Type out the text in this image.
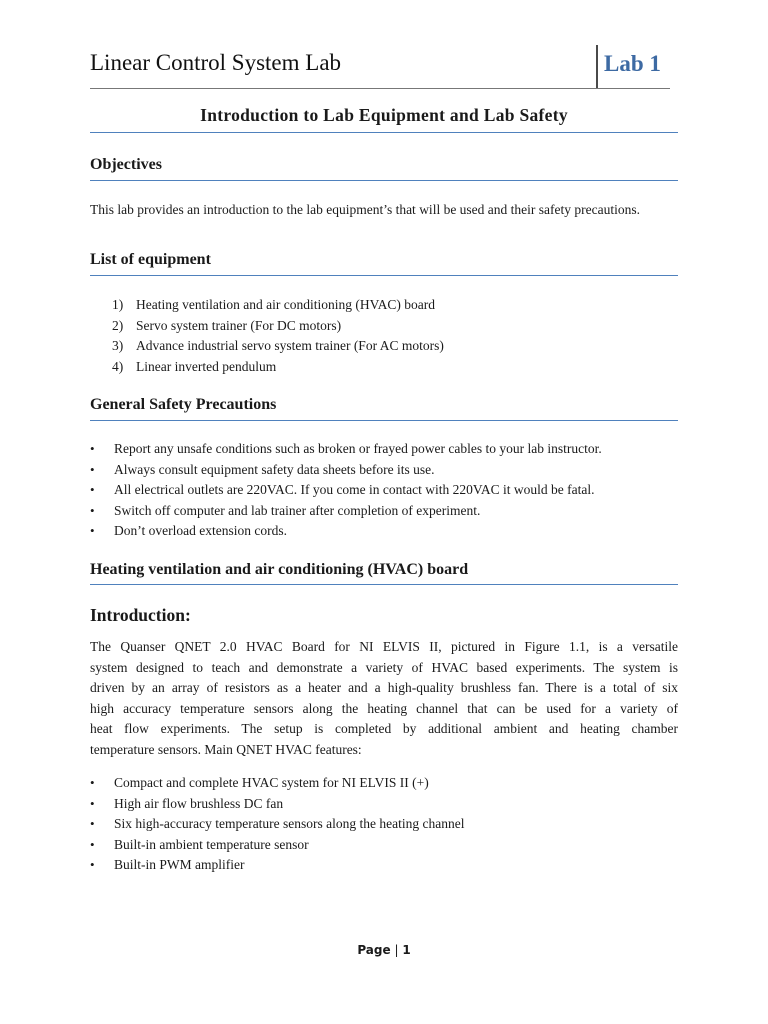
Linear Control System Lab	Lab 1
Introduction to Lab Equipment and Lab Safety
Objectives
This lab provides an introduction to the lab equipment’s that will be used and their safety precautions.
List of equipment
1) Heating ventilation and air conditioning (HVAC) board
2) Servo system trainer (For DC motors)
3) Advance industrial servo system trainer (For AC motors)
4) Linear inverted pendulum
General Safety Precautions
• Report any unsafe conditions such as broken or frayed power cables to your lab instructor.
• Always consult equipment safety data sheets before its use.
• All electrical outlets are 220VAC. If you come in contact with 220VAC it would be fatal.
• Switch off computer and lab trainer after completion of experiment.
• Don’t overload extension cords.
Heating ventilation and air conditioning (HVAC) board
Introduction:
The Quanser QNET 2.0 HVAC Board for NI ELVIS II, pictured in Figure 1.1, is a versatile
system designed to teach and demonstrate a variety of HVAC based experiments. The system is
driven by an array of resistors as a heater and a high-quality brushless fan. There is a total of six
high accuracy temperature sensors along the heating channel that can be used for a variety of
heat flow experiments. The setup is completed by additional ambient and heating chamber
temperature sensors. Main QNET HVAC features:
• Compact and complete HVAC system for NI ELVIS II (+)
• High air flow brushless DC fan
• Six high-accuracy temperature sensors along the heating channel
• Built-in ambient temperature sensor
• Built-in PWM amplifier
Page | 1
